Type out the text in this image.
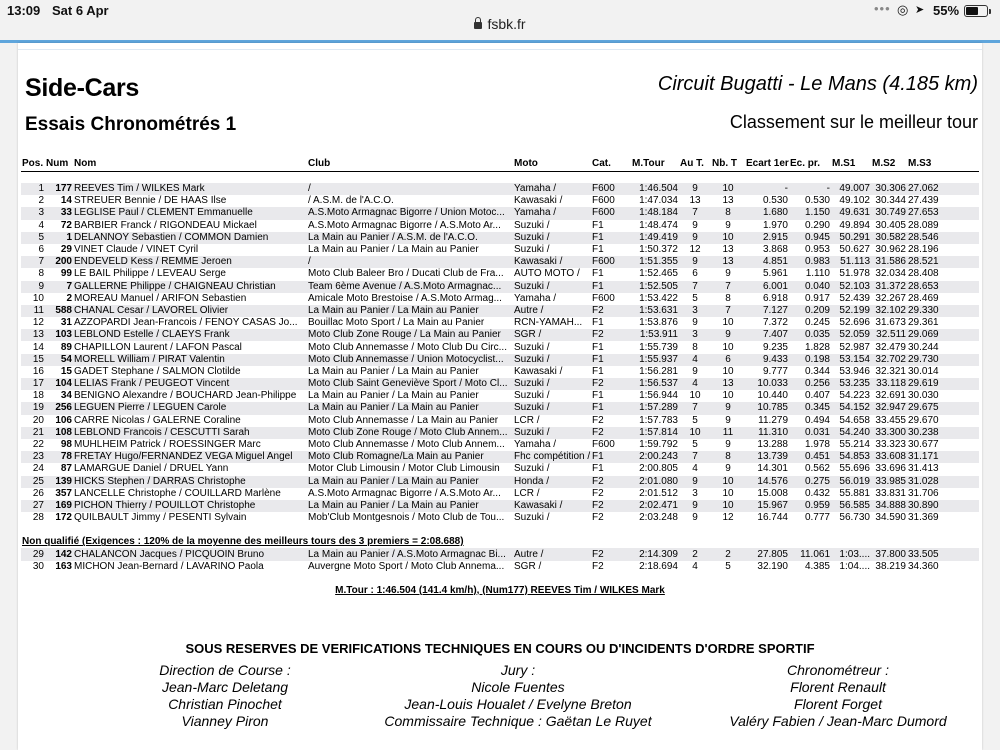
13:09 Sat 6 Apr	••• ◎ ➤ 55%
fsbk.fr
Side-Cars
Essais Chronométrés 1
Circuit Bugatti - Le Mans (4.185 km)
Classement sur le meilleur tour
Pos.	Num	Nom	Club	Moto	Cat.	M.Tour	Au T.	Nb. T	Ecart 1er	Ec. pr.	M.S1	M.S2	M.S3

1	177	REEVES Tim / WILKES Mark	/	Yamaha /	F600	1:46.504	9	10	-	-	49.007	30.306	27.062
2	14	STREUER Bennie / DE HAAS Ilse	/ A.S.M. de l'A.C.O.	Kawasaki /	F600	1:47.034	13	13	0.530	0.530	49.102	30.344	27.439
3	33	LEGLISE Paul / CLEMENT Emmanuelle	A.S.Moto Armagnac Bigorre / Union Motoc...	Yamaha /	F600	1:48.184	7	8	1.680	1.150	49.631	30.749	27.653
4	72	BARBIER Franck / RIGONDEAU Mickael	A.S.Moto Armagnac Bigorre / A.S.Moto Ar...	Suzuki /	F1	1:48.474	9	9	1.970	0.290	49.894	30.405	28.089
5	1	DELANNOY Sebastien / COMMON Damien	La Main au Panier / A.S.M. de l'A.C.O.	Suzuki /	F1	1:49.419	9	10	2.915	0.945	50.291	30.582	28.546
6	29	VINET Claude / VINET Cyril	La Main au Panier / La Main au Panier	Suzuki /	F1	1:50.372	12	13	3.868	0.953	50.627	30.962	28.196
7	200	ENDEVELD Kess / REMME Jeroen	/	Kawasaki /	F600	1:51.355	9	13	4.851	0.983	51.113	31.586	28.521
8	99	LE BAIL Philippe / LEVEAU Serge	Moto Club Baleer Bro / Ducati Club de Fra...	AUTO MOTO /	F1	1:52.465	6	9	5.961	1.110	51.978	32.034	28.408
9	7	GALLERNE Philippe / CHAIGNEAU Christian	Team 6ème Avenue / A.S.Moto Armagnac...	Suzuki /	F1	1:52.505	7	7	6.001	0.040	52.103	31.372	28.653
10	2	MOREAU Manuel / ARIFON Sebastien	Amicale Moto Brestoise / A.S.Moto Armag...	Yamaha /	F600	1:53.422	5	8	6.918	0.917	52.439	32.267	28.469
11	588	CHANAL Cesar / LAVOREL Olivier	La Main au Panier / La Main au Panier	Autre /	F2	1:53.631	3	7	7.127	0.209	52.199	32.102	29.330
12	31	AZZOPARDI Jean-Francois / FENOY CASAS Jo...	Bouillac Moto Sport / La Main au Panier	RCN-YAMAH...	F1	1:53.876	9	10	7.372	0.245	52.696	31.673	29.361
13	103	LEBLOND Estelle / CLAEYS Frank	Moto Club Zone Rouge / La Main au Panier	SGR /	F2	1:53.911	3	9	7.407	0.035	52.059	32.511	29.069
14	89	CHAPILLON Laurent / LAFON Pascal	Moto Club Annemasse / Moto Club Du Circ...	Suzuki /	F1	1:55.739	8	10	9.235	1.828	52.987	32.479	30.244
15	54	MORELL William / PIRAT Valentin	Moto Club Annemasse / Union Motocyclist...	Suzuki /	F1	1:55.937	4	6	9.433	0.198	53.154	32.702	29.730
16	15	GADET Stephane / SALMON Clotilde	La Main au Panier / La Main au Panier	Kawasaki /	F1	1:56.281	9	10	9.777	0.344	53.946	32.321	30.014
17	104	LELIAS Frank / PEUGEOT Vincent	Moto Club Saint Geneviève Sport / Moto Cl...	Suzuki /	F2	1:56.537	4	13	10.033	0.256	53.235	33.118	29.619
18	34	BENIGNO Alexandre / BOUCHARD Jean-Philippe	La Main au Panier / La Main au Panier	Suzuki /	F1	1:56.944	10	10	10.440	0.407	54.223	32.691	30.030
19	256	LEGUEN Pierre / LEGUEN Carole	La Main au Panier / La Main au Panier	Suzuki /	F1	1:57.289	7	9	10.785	0.345	54.152	32.947	29.675
20	106	CARRE Nicolas / GALERNE Coraline	Moto Club Annemasse / La Main au Panier	LCR /	F2	1:57.783	5	9	11.279	0.494	54.658	33.455	29.670
21	108	LEBLOND Francois / CESCUTTI Sarah	Moto Club Zone Rouge / Moto Club Annem...	Suzuki /	F2	1:57.814	10	11	11.310	0.031	54.240	33.300	30.238
22	98	MUHLHEIM Patrick / ROESSINGER Marc	Moto Club Annemasse / Moto Club Annem...	Yamaha /	F600	1:59.792	5	9	13.288	1.978	55.214	33.323	30.677
23	78	FRETAY Hugo/FERNANDEZ VEGA Miguel Angel	Moto Club Romagne/La Main au Panier	Fhc compétition /	F1	2:00.243	7	8	13.739	0.451	54.853	33.608	31.171
24	87	LAMARGUE Daniel / DRUEL Yann	Motor Club Limousin / Motor Club Limousin	Suzuki /	F1	2:00.805	4	9	14.301	0.562	55.696	33.696	31.413
25	139	HICKS Stephen / DARRAS Christophe	La Main au Panier / La Main au Panier	Honda /	F2	2:01.080	9	10	14.576	0.275	56.019	33.985	31.028
26	357	LANCELLE Christophe / COUILLARD Marlène	A.S.Moto Armagnac Bigorre / A.S.Moto Ar...	LCR /	F2	2:01.512	3	10	15.008	0.432	55.881	33.831	31.706
27	169	PICHON Thierry / POUILLOT Christophe	La Main au Panier / La Main au Panier	Kawasaki /	F2	2:02.471	9	10	15.967	0.959	56.585	34.888	30.890
28	172	QUILBAULT Jimmy / PESENTI Sylvain	Mob'Club Montgesnois / Moto Club de Tou...	Suzuki /	F2	2:03.248	9	12	16.744	0.777	56.730	34.590	31.369

Non qualifié (Exigences : 120% de la moyenne des meilleurs tours des 3 premiers = 2:08.688)													
29	142	CHALANCON Jacques / PICQUOIN Bruno	La Main au Panier / A.S.Moto Armagnac Bi...	Autre /	F2	2:14.309	2	2	27.805	11.061	1:03....	37.800	33.505
30	163	MICHON Jean-Bernard / LAVARINO Paola	Auvergne Moto Sport / Moto Club Annema...	SGR /	F2	2:18.694	4	5	32.190	4.385	1:04....	38.219	34.360

M.Tour : 1:46.504 (141.4 km/h), (Num177) REEVES Tim / WILKES Mark													
SOUS RESERVES DE VERIFICATIONS TECHNIQUES EN COURS OU D'INCIDENTS D'ORDRE SPORTIF
Direction de Course :
Jean-Marc Deletang
Christian Pinochet
Vianney Piron
Jury :
Nicole Fuentes
Jean-Louis Houalet / Evelyne Breton
Commissaire Technique : Gaëtan Le Ruyet
Chronométreur :
Florent Renault
Florent Forget
Valéry Fabien / Jean-Marc Dumord
